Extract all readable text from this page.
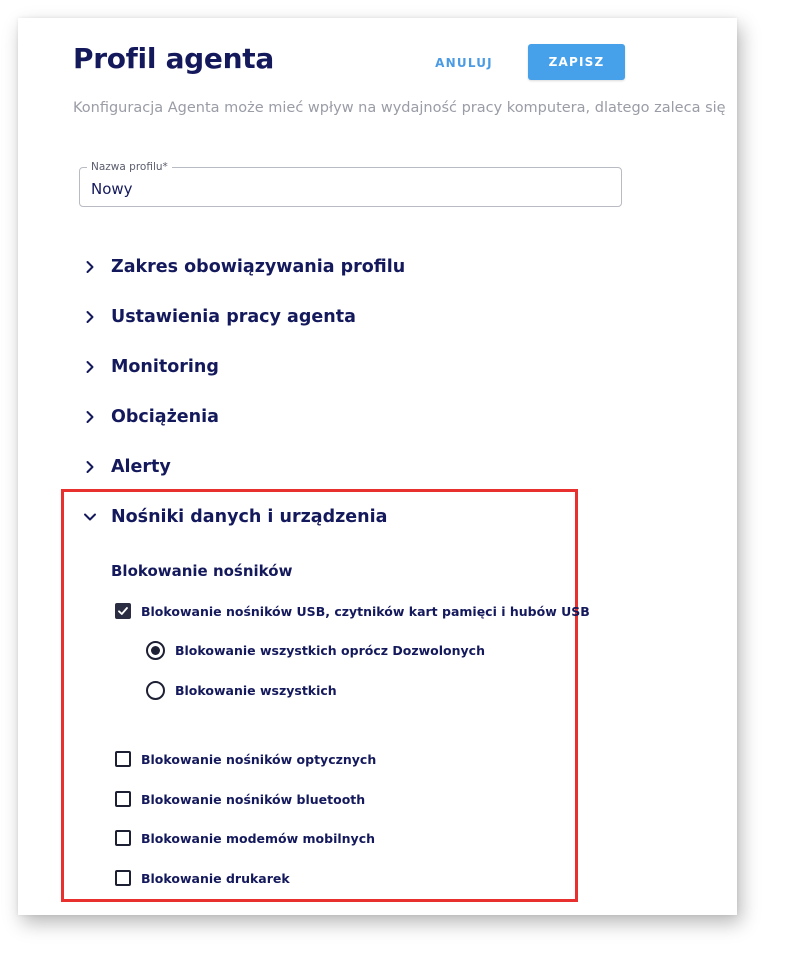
Profil agenta	ANULUJ	ZAPISZ
Konfiguracja Agenta może mieć wpływ na wydajność pracy komputera, dlatego zaleca się
Nazwa profilu*
Nowy
Zakres obowiązywania profilu
Ustawienia pracy agenta
Monitoring
Obciążenia
Alerty
Nośniki danych i urządzenia
Blokowanie nośników
Blokowanie nośników USB, czytników kart pamięci i hubów USB
Blokowanie wszystkich oprócz Dozwolonych
Blokowanie wszystkich
Blokowanie nośników optycznych
Blokowanie nośników bluetooth
Blokowanie modemów mobilnych
Blokowanie drukarek
